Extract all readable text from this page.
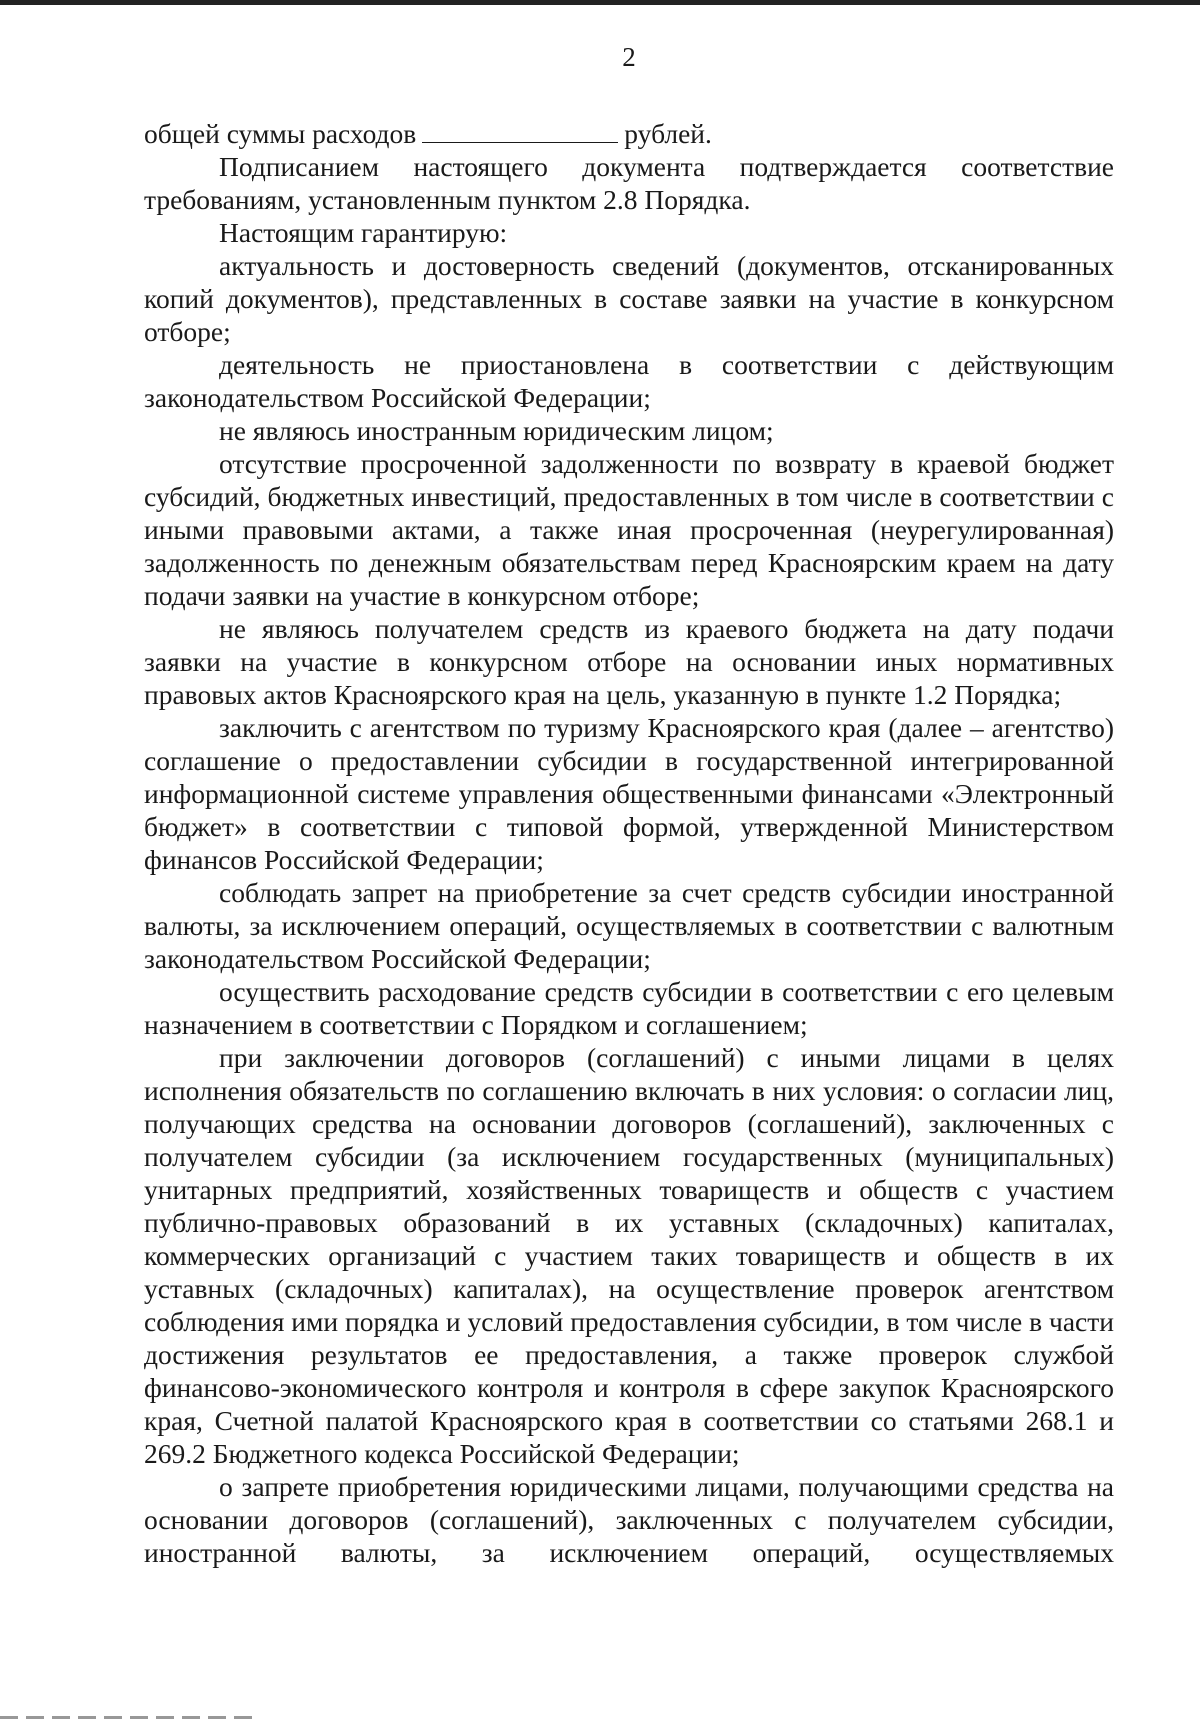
2

общей суммы расходов	рублей.

Подписанием настоящего документа подтверждается соответствие требованиям, установленным пунктом 2.8 Порядка.

Настоящим гарантирую:

актуальность и достоверность сведений (документов, отсканированных копий документов), представленных в составе заявки на участие в конкурсном отборе;

деятельность не приостановлена в соответствии с действующим законодательством Российской Федерации;

не являюсь иностранным юридическим лицом;

отсутствие просроченной задолженности по возврату в краевой бюджет субсидий, бюджетных инвестиций, предоставленных в том числе в соответствии с иными правовыми актами, а также иная просроченная (неурегулированная) задолженность по денежным обязательствам перед Красноярским краем на дату подачи заявки на участие в конкурсном отборе;

не являюсь получателем средств из краевого бюджета на дату подачи заявки на участие в конкурсном отборе на основании иных нормативных правовых актов Красноярского края на цель, указанную в пункте 1.2 Порядка;

заключить с агентством по туризму Красноярского края (далее – агентство) соглашение о предоставлении субсидии в государственной интегрированной информационной системе управления общественными финансами «Электронный бюджет» в соответствии с типовой формой, утвержденной Министерством финансов Российской Федерации;

соблюдать запрет на приобретение за счет средств субсидии иностранной валюты, за исключением операций, осуществляемых в соответствии с валютным законодательством Российской Федерации;

осуществить расходование средств субсидии в соответствии с его целевым назначением в соответствии с Порядком и соглашением;

при заключении договоров (соглашений) с иными лицами в целях исполнения обязательств по соглашению включать в них условия: о согласии лиц, получающих средства на основании договоров (соглашений), заключенных с получателем субсидии (за исключением государственных (муниципальных) унитарных предприятий, хозяйственных товариществ и обществ с участием публично-правовых образований в их уставных (складочных) капиталах, коммерческих организаций с участием таких товариществ и обществ в их уставных (складочных) капиталах), на осуществление проверок агентством соблюдения ими порядка и условий предоставления субсидии, в том числе в части достижения результатов ее предоставления, а также проверок службой финансово-экономического контроля и контроля в сфере закупок Красноярского края, Счетной палатой Красноярского края в соответствии со статьями 268.1 и 269.2 Бюджетного кодекса Российской Федерации;

о запрете приобретения юридическими лицами, получающими средства на основании договоров (соглашений), заключенных с получателем субсидии, иностранной валюты, за исключением операций, осуществляемых
